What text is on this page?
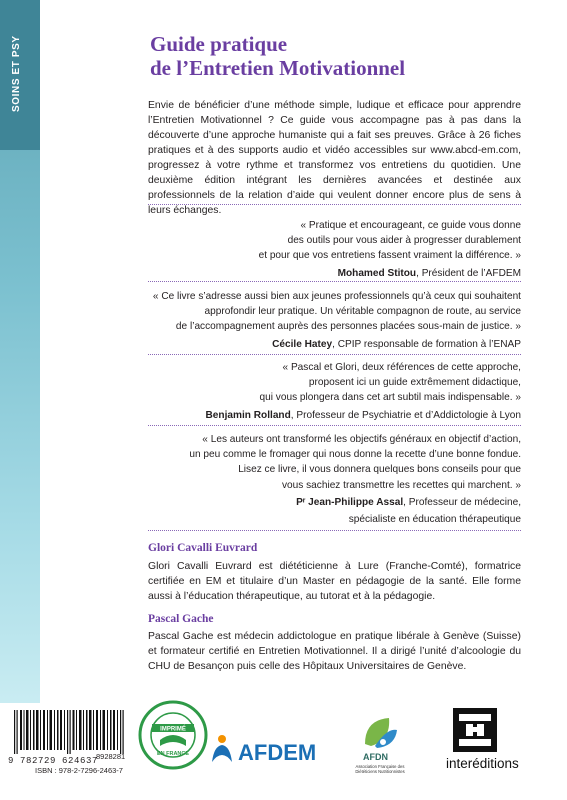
SOINS ET PSY	Guide pratique
de l’Entretien Motivationnel
Envie de bénéficier d’une méthode simple, ludique et efficace pour apprendre l’Entretien Motivationnel ? Ce guide vous accompagne pas à pas dans la découverte d’une approche humaniste qui a fait ses preuves. Grâce à 26 fiches pratiques et à des supports audio et vidéo accessibles sur www.abcd-em.com, progressez à votre rythme et transformez vos entretiens du quotidien. Une deuxième édition intégrant les dernières avancées et destinée aux professionnels de la relation d’aide qui veulent donner encore plus de sens à leurs échanges.
« Pratique et encourageant, ce guide vous donne
des outils pour vous aider à progresser durablement
et pour que vos entretiens fassent vraiment la différence. »
Mohamed Stitou, Président de l’AFDEM
« Ce livre s’adresse aussi bien aux jeunes professionnels qu’à ceux qui souhaitent
approfondir leur pratique. Un véritable compagnon de route, au service
de l’accompagnement auprès des personnes placées sous-main de justice. »
Cécile Hatey, CPIP responsable de formation à l’ENAP
« Pascal et Glori, deux références de cette approche,
proposent ici un guide extrêmement didactique,
qui vous plongera dans cet art subtil mais indispensable. »
Benjamin Rolland, Professeur de Psychiatrie et d’Addictologie à Lyon
« Les auteurs ont transformé les objectifs généraux en objectif d’action,
un peu comme le fromager qui nous donne la recette d’une bonne fondue.
Lisez ce livre, il vous donnera quelques bons conseils pour que
vous sachiez transmettre les recettes qui marchent. »
Pʳ Jean-Philippe Assal, Professeur de médecine,
spécialiste en éducation thérapeutique
Glori Cavalli Euvrard
Glori Cavalli Euvrard est diététicienne à Lure (Franche-Comté), formatrice certifiée en EM et titulaire d’un Master en pédagogie de la santé. Elle forme aussi à l’éducation thérapeutique, au tutorat et à la pédagogie.
Pascal Gache
Pascal Gache est médecin addictologue en pratique libérale à Genève (Suisse) et formateur certifié en Entretien Motivationnel. Il a dirigé l’unité d’alcoologie du CHU de Besançon puis celle des Hôpitaux Universitaires de Genève.
9 782729 624637
8928281
ISBN : 978-2-7296-2463-7
IMPRIMÉ
EN FRANCE AFDEM	AFDN
Association Française des Diététiciens Nutritionnistes
interéditions
